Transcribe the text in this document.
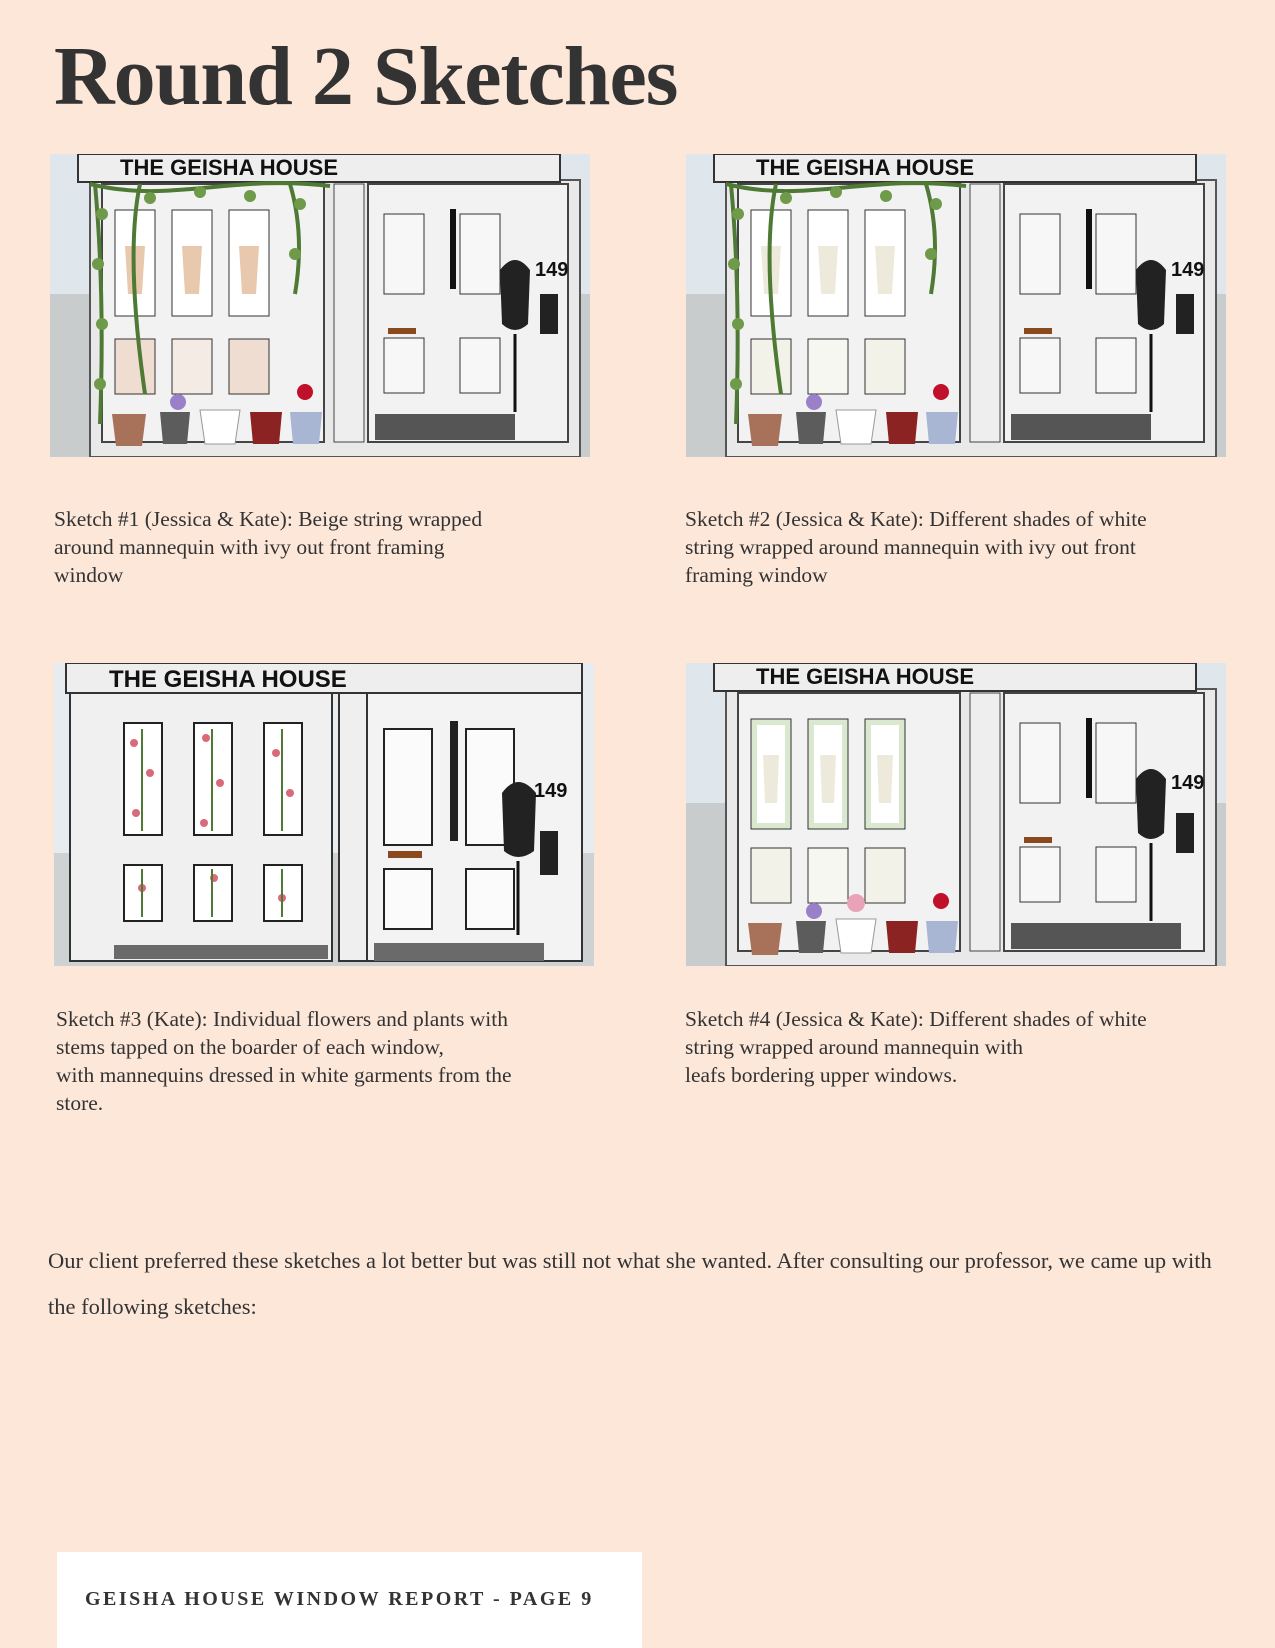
Round 2 Sketches
THE GEISHA HOUSE
149
Sketch #1 (Jessica & Kate): Beige string wrapped
around mannequin with ivy out front framing
window
THE GEISHA HOUSE
149
Sketch #2 (Jessica & Kate): Different shades of white
string wrapped around mannequin with ivy out front
framing window
THE GEISHA HOUSE
149
Sketch #3 (Kate): Individual flowers and plants with
stems tapped on the boarder of each window,
with mannequins dressed in white garments from the
store.
THE GEISHA HOUSE
149
Sketch #4 (Jessica & Kate): Different shades of white
string wrapped around mannequin with
leafs bordering upper windows.
Our client preferred these sketches a lot better but was still not what she wanted. After consulting our professor, we came up with the following sketches:
GEISHA HOUSE WINDOW REPORT - PAGE 9
